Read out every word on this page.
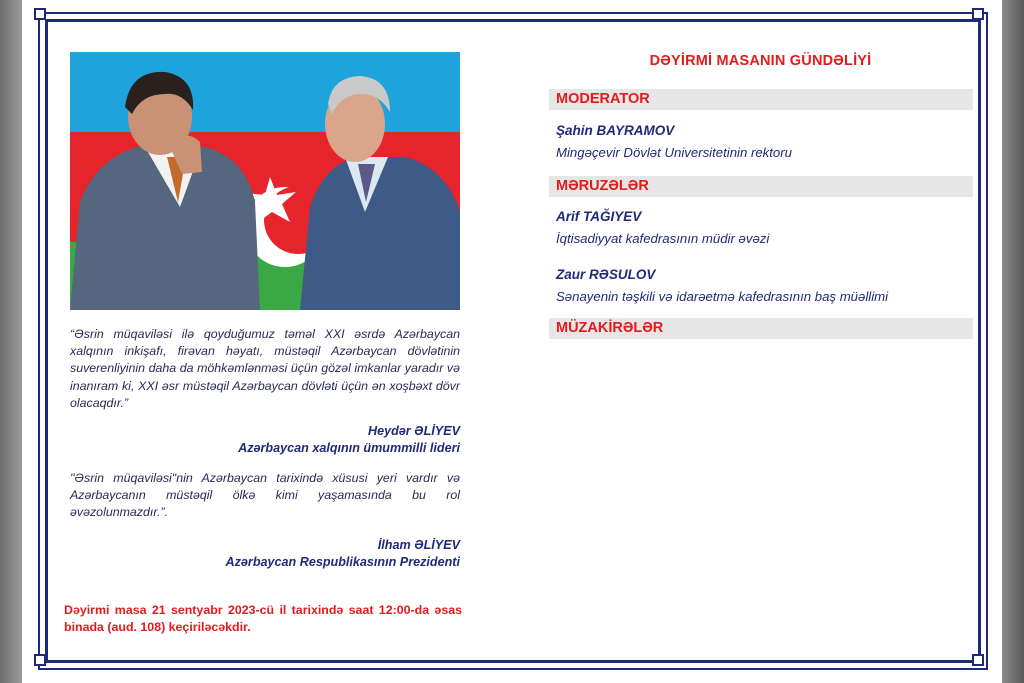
“Əsrin müqaviləsi ilə qoyduğumuz təməl XXI əsrdə Azərbaycan xalqının inkişafı, firəvan həyatı, müstəqil Azərbaycan dövlətinin suverenliyinin daha da möhkəmlənməsi üçün gözəl imkanlar yaradır və inanıram ki, XXI əsr müstəqil Azərbaycan dövləti üçün ən xoşbəxt dövr olacaqdır.”

Heydər ƏLİYEV
Azərbaycan xalqının ümummilli lideri

"Əsrin müqaviləsi"nin Azərbaycan tarixində xüsusi yeri vardır və Azərbaycanın müstəqil ölkə kimi yaşamasında bu rol əvəzolunmazdır.”.

İlham ƏLİYEV
Azərbaycan Respublikasının Prezidenti

Dəyirmi masa 21 sentyabr 2023-cü il tarixində saat 12:00-da əsas binada (aud. 108) keçiriləcəkdir.

DƏYİRMİ MASANIN GÜNDƏLİYİ
MODERATOR
Şahin BAYRAMOV
Mingəçevir Dövlət Universitetinin rektoru
MƏRUZƏLƏR
Arif TAĞIYEV
İqtisadiyyat kafedrasının müdir əvəzi
Zaur RƏSULOV
Sənayenin təşkili və idarəetmə kafedrasının baş müəllimi
MÜZAKİRƏLƏR
